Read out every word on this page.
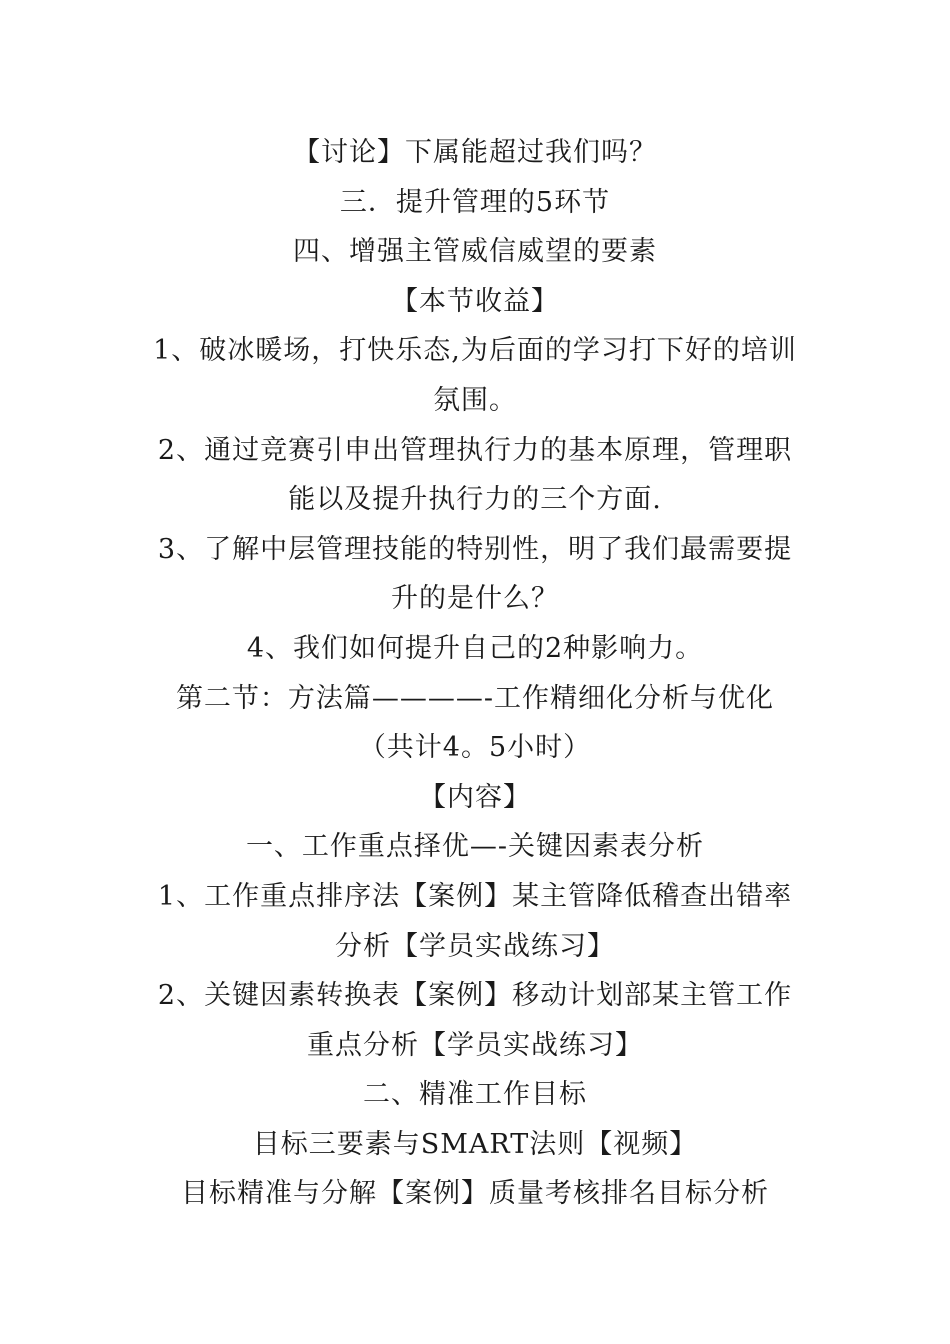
【讨论】下属能超过我们吗？

三．提升管理的5环节

四、增强主管威信威望的要素

【本节收益】

1、破冰暖场，打快乐态,为后面的学习打下好的培训氛围。

2、通过竞赛引申出管理执行力的基本原理，管理职能以及提升执行力的三个方面.

3、了解中层管理技能的特别性，明了我们最需要提升的是什么？

4、我们如何提升自己的2种影响力。

第二节：方法篇————-工作精细化分析与优化

（共计4。5小时）

【内容】

一、工作重点择优—-关键因素表分析

1、工作重点排序法【案例】某主管降低稽查出错率分析【学员实战练习】

2、关键因素转换表【案例】移动计划部某主管工作重点分析【学员实战练习】

二、精准工作目标

目标三要素与SMART法则【视频】

目标精准与分解【案例】质量考核排名目标分析
